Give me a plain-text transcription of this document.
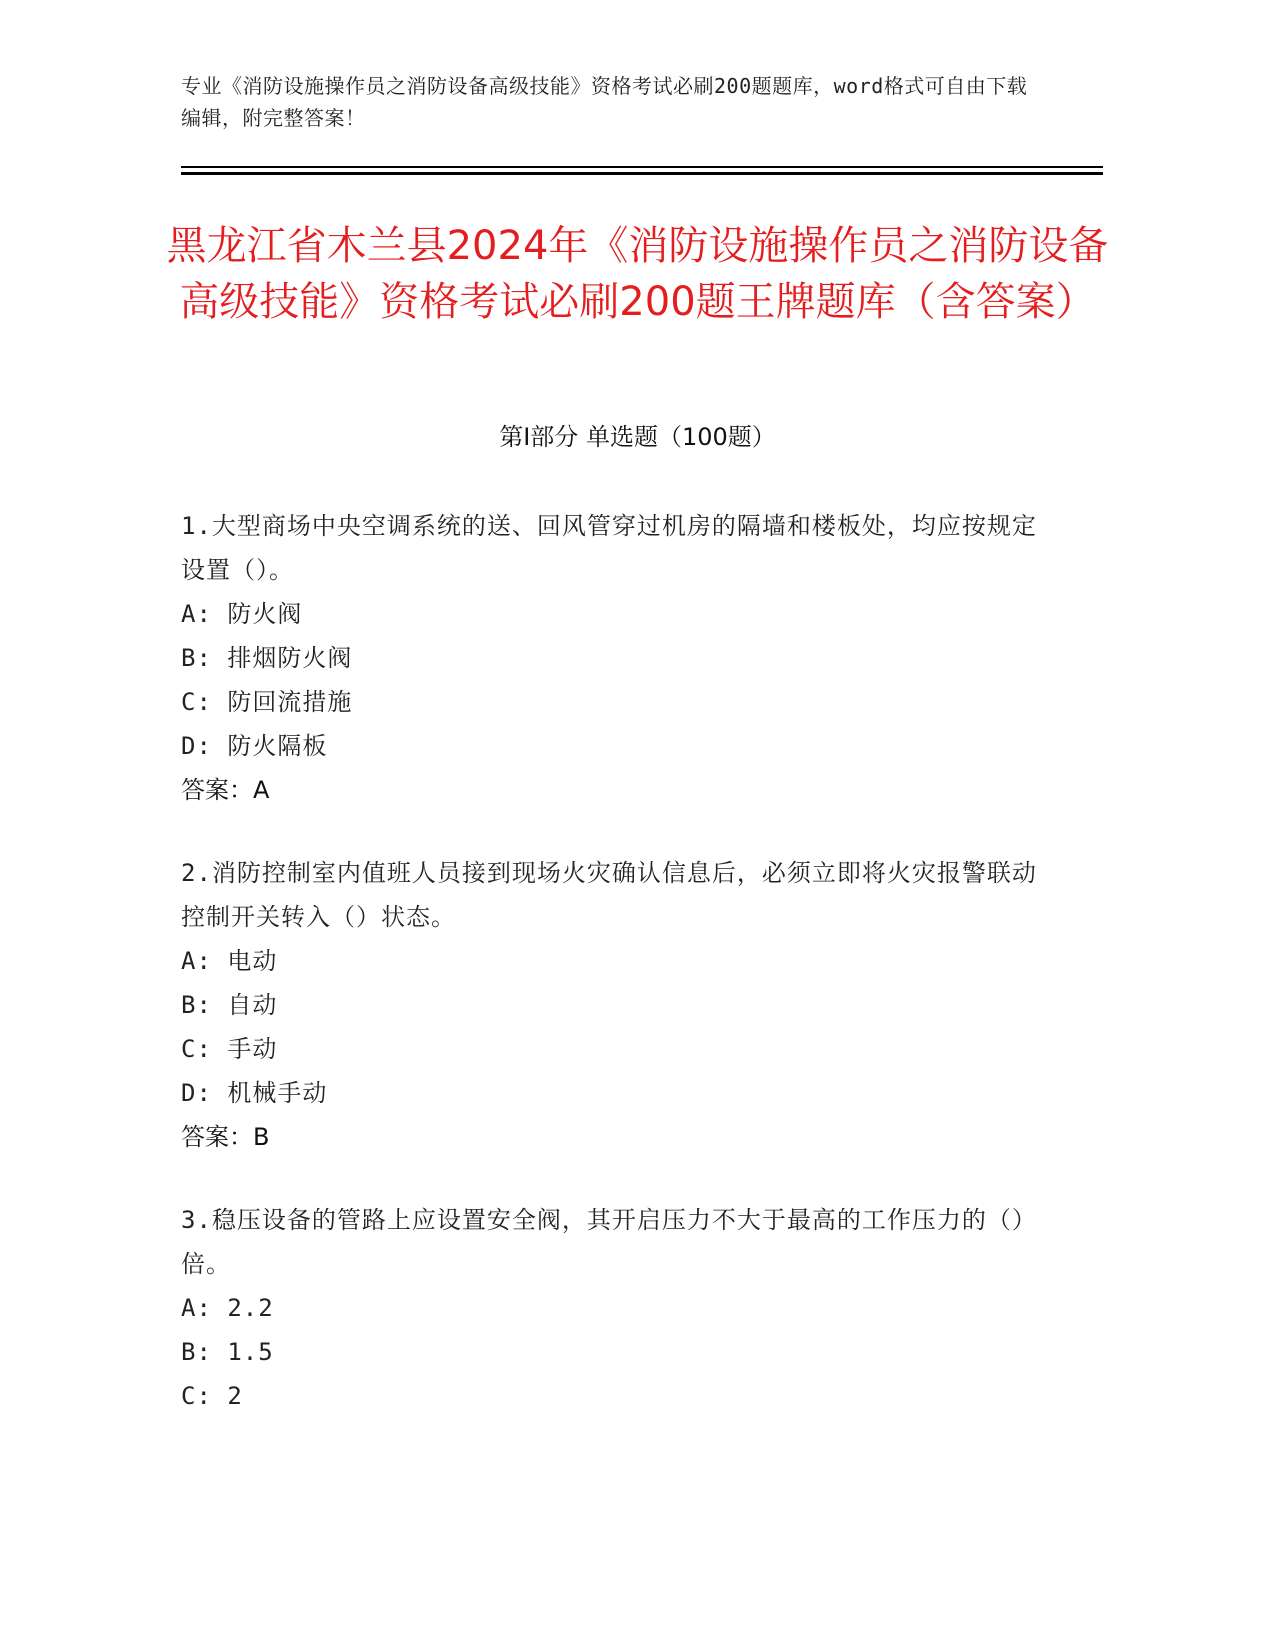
专业《消防设施操作员之消防设备高级技能》资格考试必刷200题题库，word格式可自由下载编辑，附完整答案！
黑龙江省木兰县2024年《消防设施操作员之消防设备高级技能》资格考试必刷200题王牌题库（含答案）
第I部分 单选题（100题）
1.大型商场中央空调系统的送、回风管穿过机房的隔墙和楼板处，均应按规定设置（）。
A: 防火阀
B: 排烟防火阀
C: 防回流措施
D: 防火隔板
答案：A
2.消防控制室内值班人员接到现场火灾确认信息后，必须立即将火灾报警联动控制开关转入（）状态。
A: 电动
B: 自动
C: 手动
D: 机械手动
答案：B
3.稳压设备的管路上应设置安全阀，其开启压力不大于最高的工作压力的（）倍。
A: 2.2
B: 1.5
C: 2
